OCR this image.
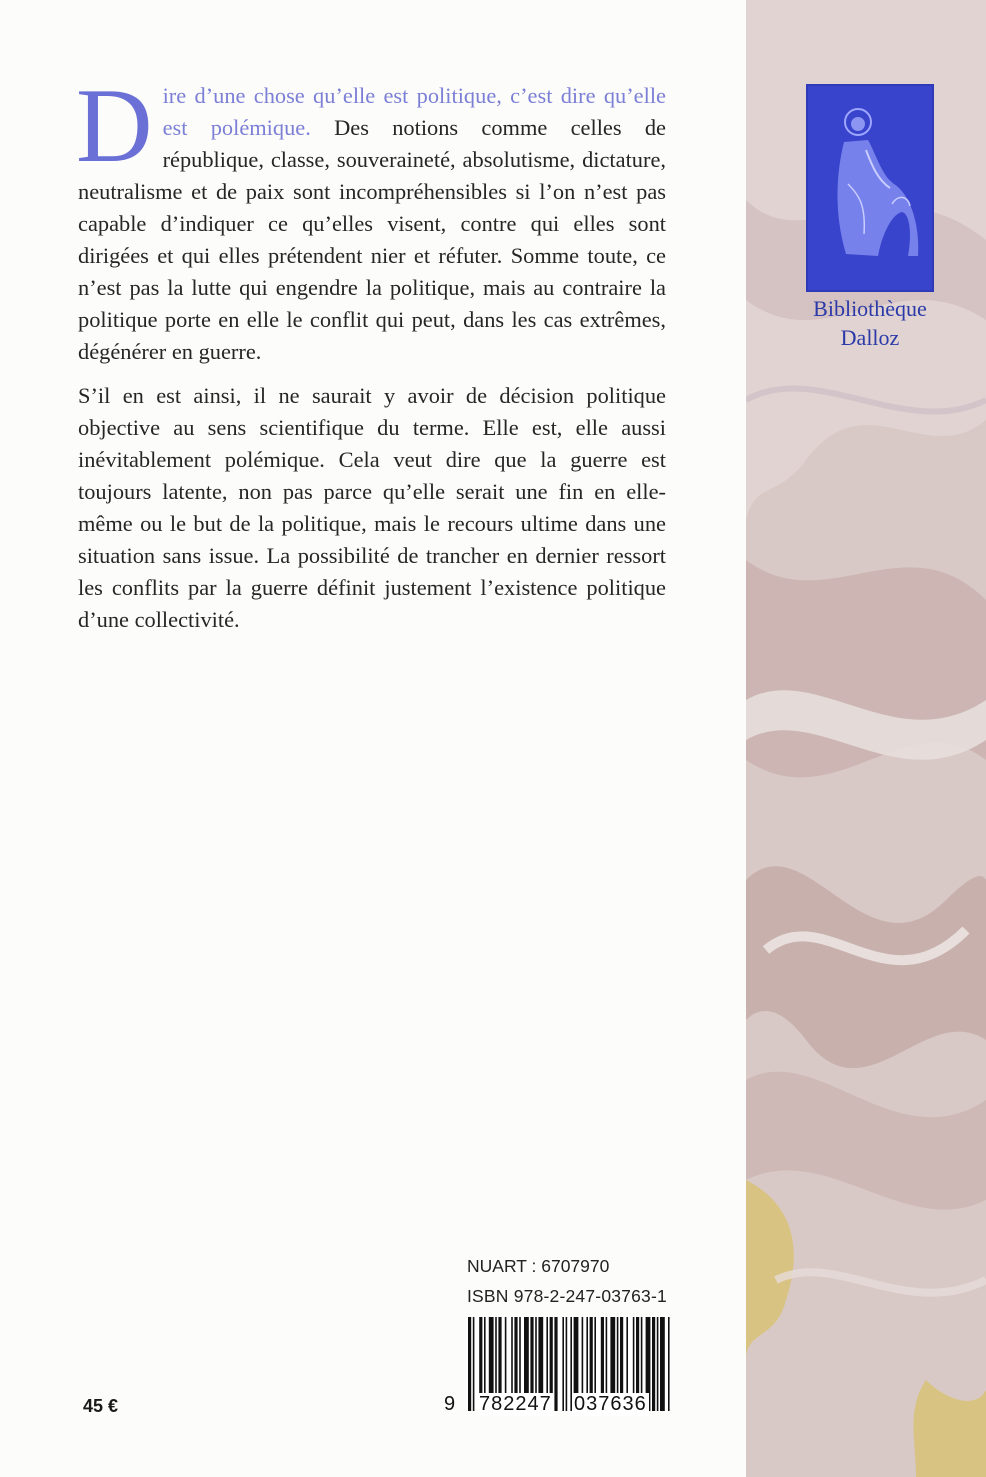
Dire d’une chose qu’elle est politique, c’est dire qu’elle est polémique. Des notions comme celles de république, classe, souveraineté, absolutisme, dictature, neutralisme et de paix sont incompréhensibles si l’on n’est pas capable d’indiquer ce qu’elles visent, contre qui elles sont dirigées et qui elles prétendent nier et réfuter. Somme toute, ce n’est pas la lutte qui engendre la politique, mais au contraire la politique porte en elle le conflit qui peut, dans les cas extrêmes, dégénérer en guerre.

S’il en est ainsi, il ne saurait y avoir de décision politique objective au sens scientifique du terme. Elle est, elle aussi inévitablement polémique. Cela veut dire que la guerre est toujours latente, non pas parce qu’elle serait une fin en elle-même ou le but de la politique, mais le recours ultime dans une situation sans issue. La possibilité de trancher en dernier ressort les conflits par la guerre définit justement l’existence politique d’une collectivité.

Bibliothèque
Dalloz
NUART : 6707970
ISBN 978-2-247-03763-1
9 782247 037636
45 €
